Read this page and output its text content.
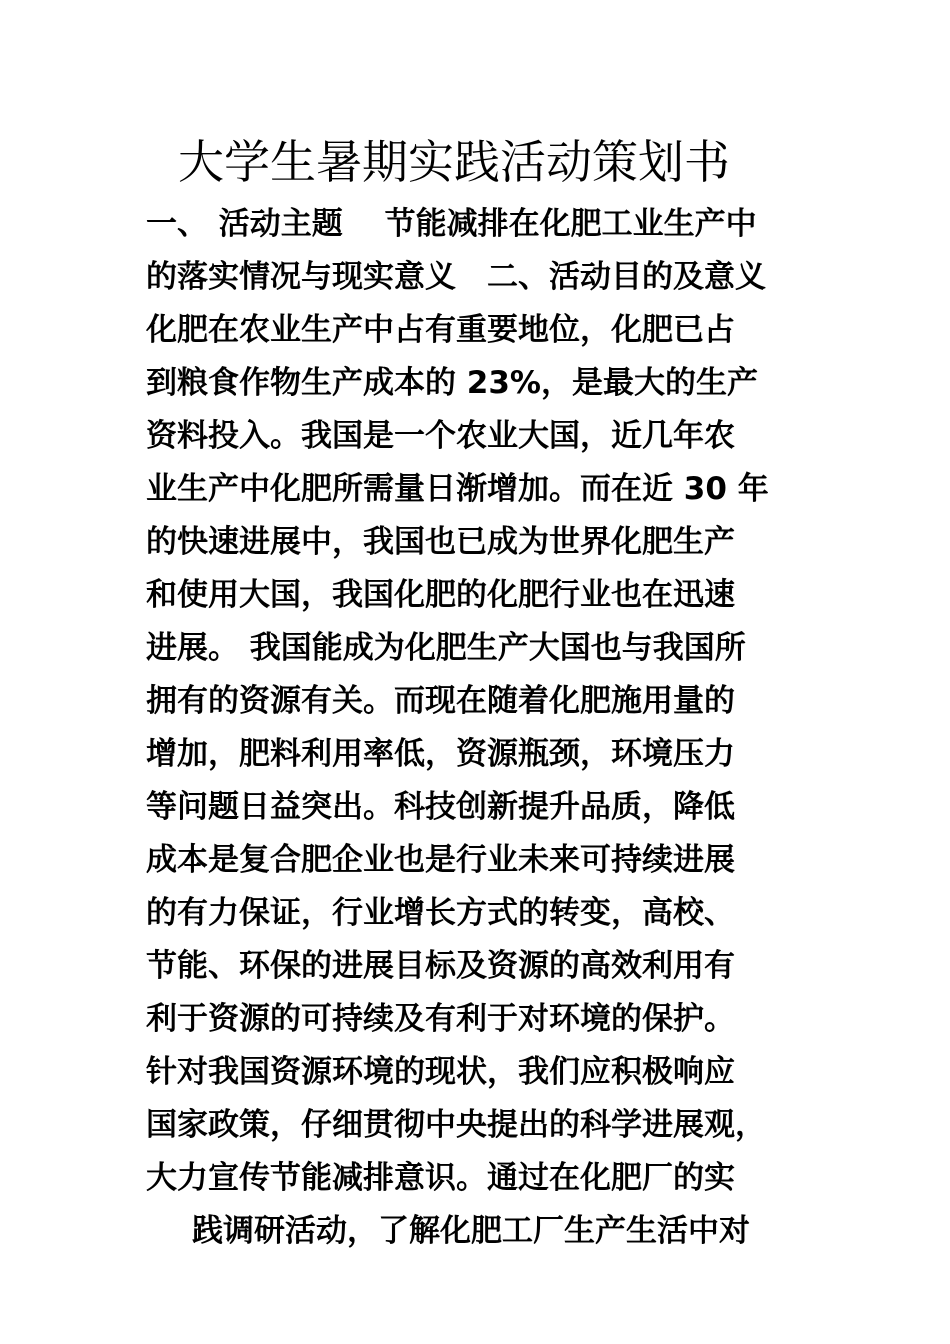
大学生暑期实践活动策划书
一、 活动主题　 节能减排在化肥工业生产中
的落实情况与现实意义　二、活动目的及意义
化肥在农业生产中占有重要地位，化肥已占
到粮食作物生产成本的 23%，是最大的生产
资料投入。我国是一个农业大国，近几年农
业生产中化肥所需量日渐增加。而在近 30 年
的快速进展中，我国也已成为世界化肥生产
和使用大国，我国化肥的化肥行业也在迅速
进展。 我国能成为化肥生产大国也与我国所
拥有的资源有关。而现在随着化肥施用量的
增加，肥料利用率低，资源瓶颈，环境压力
等问题日益突出。科技创新提升品质，降低
成本是复合肥企业也是行业未来可持续进展
的有力保证，行业增长方式的转变，高校、
节能、环保的进展目标及资源的高效利用有
利于资源的可持续及有利于对环境的保护。
针对我国资源环境的现状，我们应积极响应
国家政策，仔细贯彻中央提出的科学进展观，
大力宣传节能减排意识。通过在化肥厂的实
践调研活动，了解化肥工厂生产生活中对
